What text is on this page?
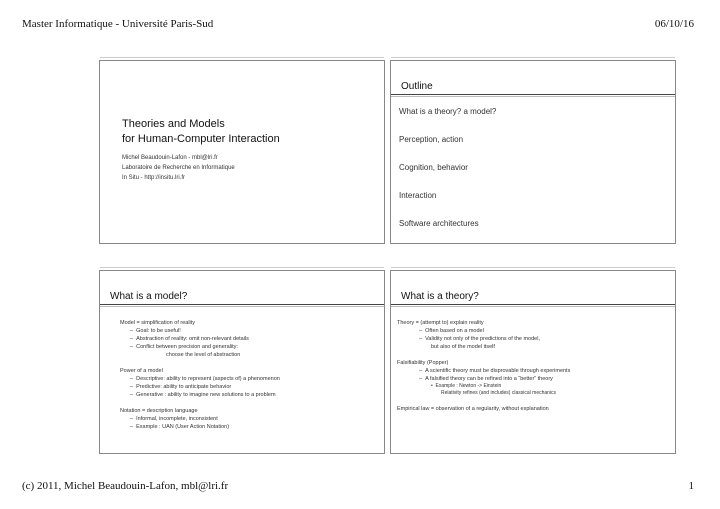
Master Informatique - Université Paris-Sud	06/10/16
Theories and Models
for Human-Computer Interaction
Michel Beaudouin-Lafon - mbl@lri.fr
Laboratoire de Recherche en Informatique
In Situ - http://insitu.lri.fr
Outline
What is a theory? a model?
Perception, action
Cognition, behavior
Interaction
Software architectures
What is a model?
Model = simplification of reality
–  Goal: to be useful!
–  Abstraction of reality: omit non-relevant details
–  Conflict between precision and generality:
choose the level of abstraction
Power of a model
–  Descriptive: ability to represent (aspects of) a phenomenon
–  Predictive: ability to anticipate behavior
–  Generative : ability to imagine new solutions to a problem
Notation = description language
–  Informal, incomplete, inconsistent
–  Example : UAN (User Action Notation)
What is a theory?
Theory = (attempt to) explain reality
–  Often based on a model
–  Validity not only of the predictions of the model,
but also of the model itself
Falsifiability (Popper)
–  A scientific theory must be disprovable through experiments
–  A falsified theory can be refined into a “better” theory
•  Example : Newton -> Einstein
Relativity refines (and includes) classical mechanics
Empirical law = observation of a regularity, without explanation
(c) 2011, Michel Beaudouin-Lafon, mbl@lri.fr	1
